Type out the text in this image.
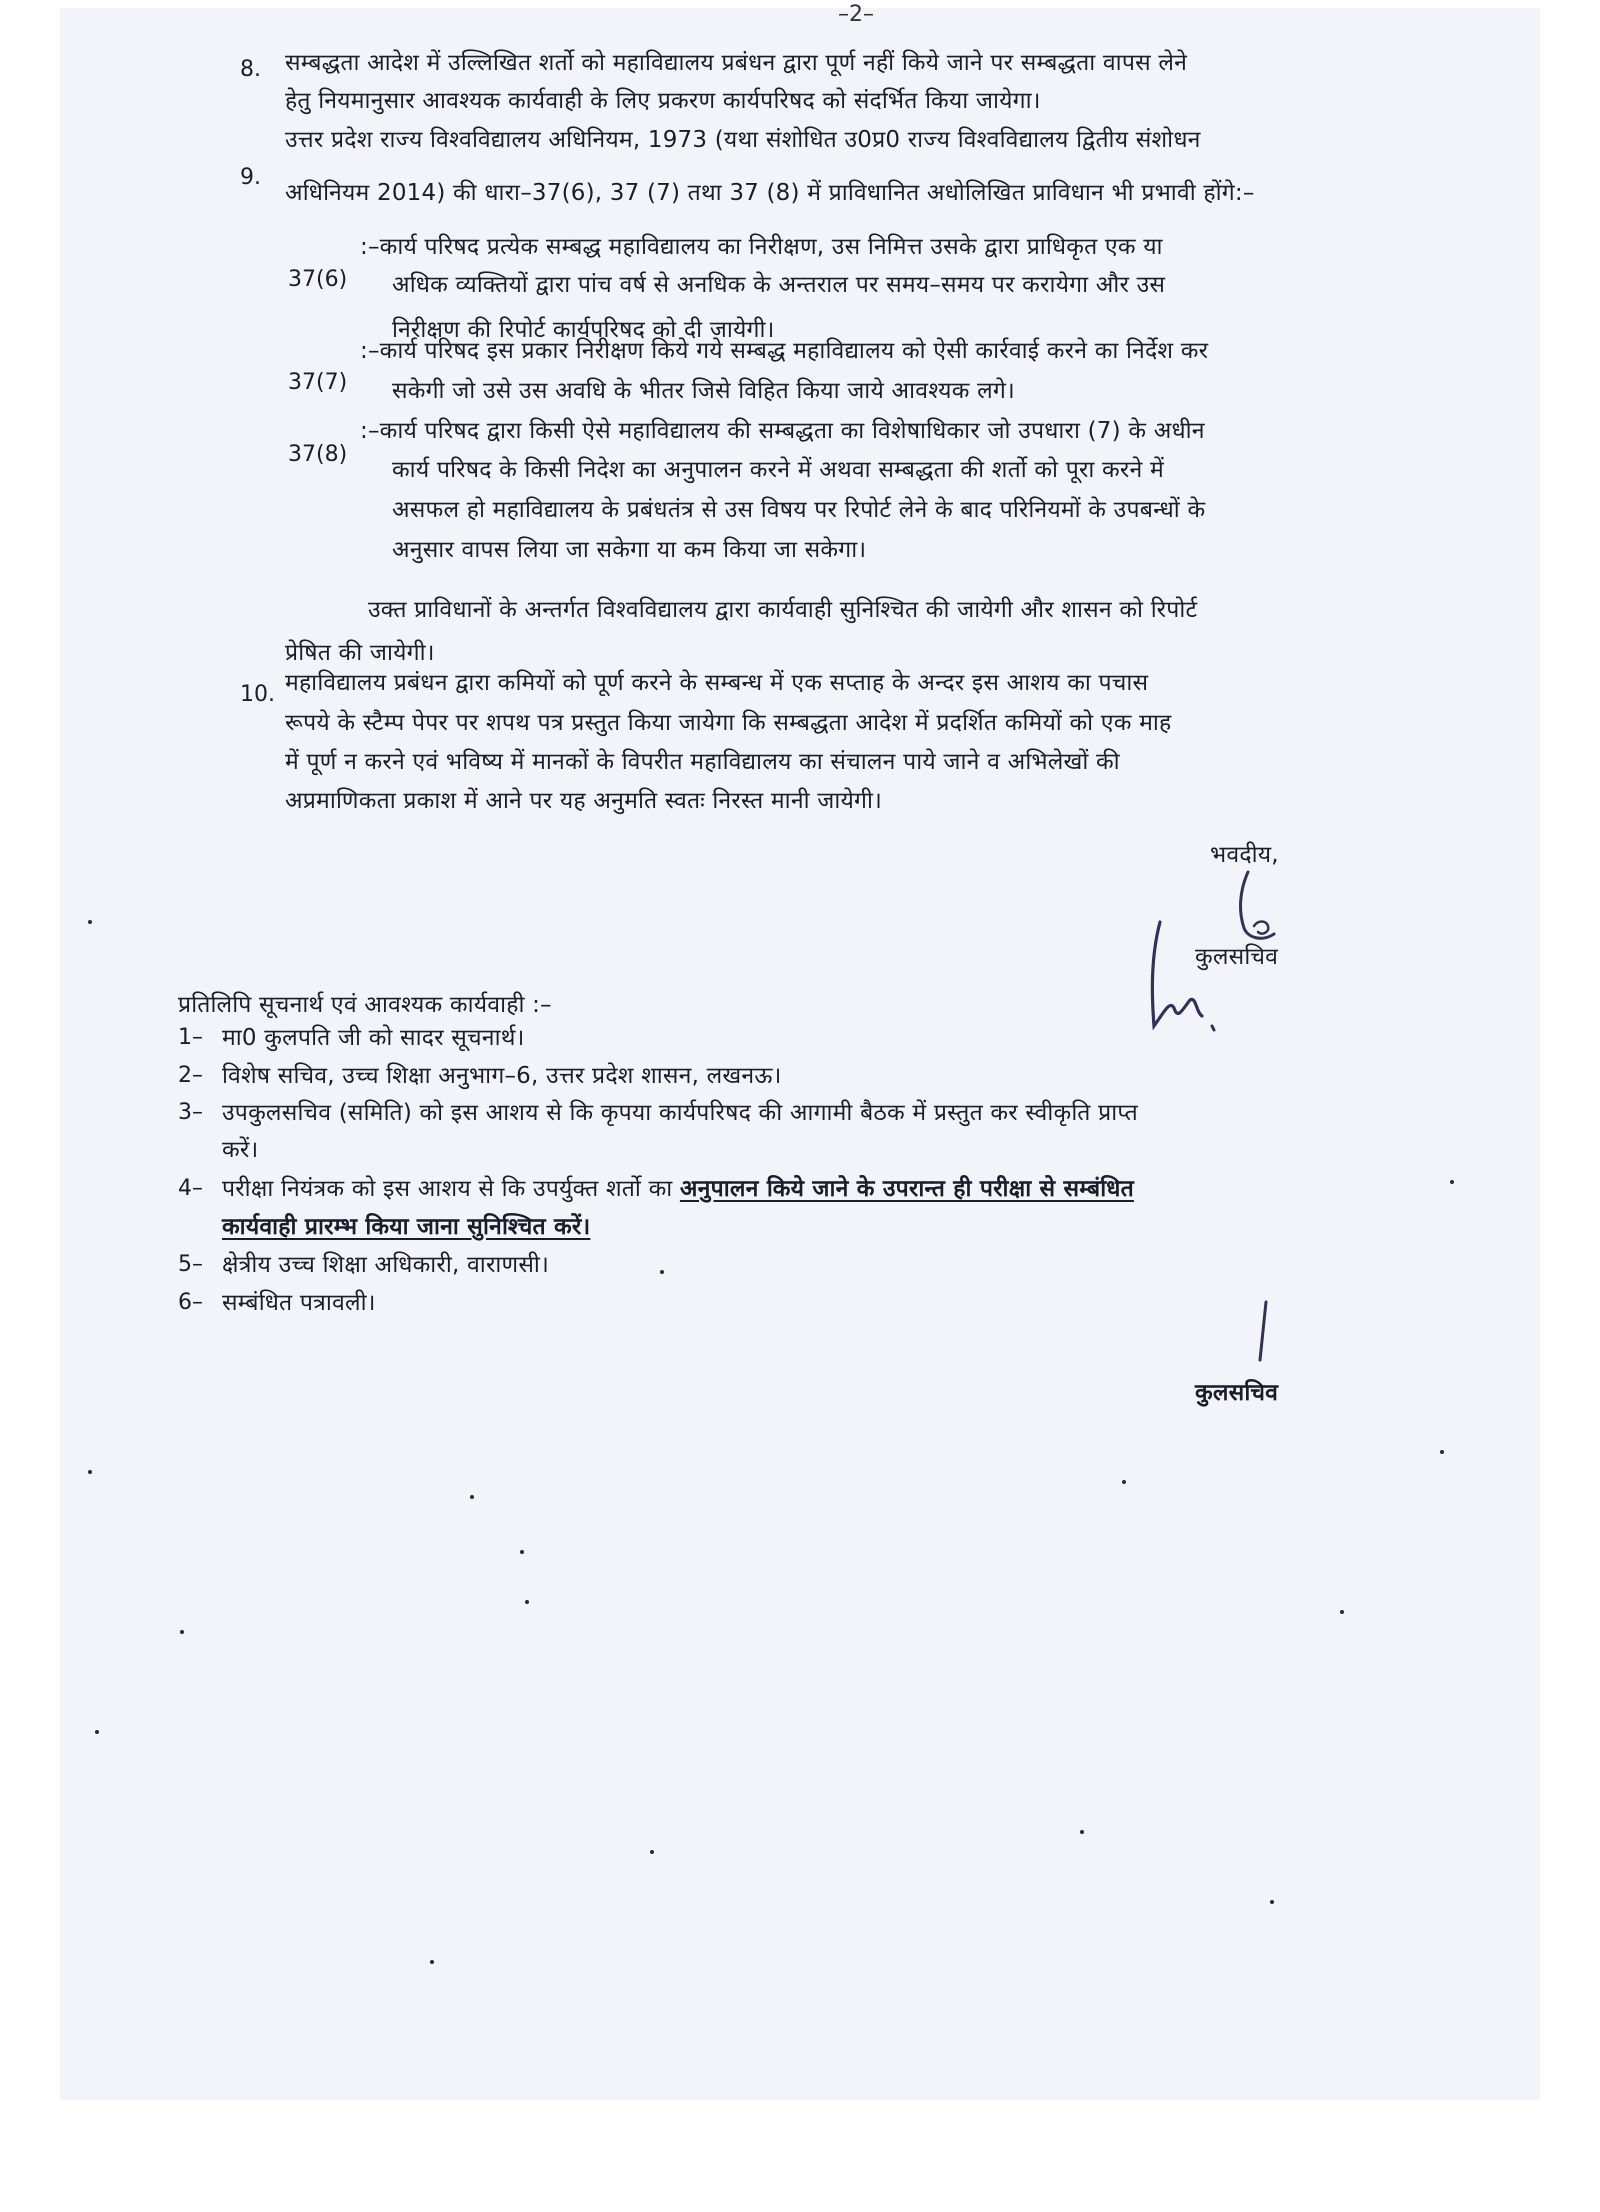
–2–
8. सम्बद्धता आदेश में उल्लिखित शर्तो को महाविद्यालय प्रबंधन द्वारा पूर्ण नहीं किये जाने पर सम्बद्धता वापस लेने
हेतु नियमानुसार आवश्यक कार्यवाही के लिए प्रकरण कार्यपरिषद को संदर्भित किया जायेगा।
9.
उत्तर प्रदेश राज्य विश्वविद्यालय अधिनियम, 1973 (यथा संशोधित उ0प्र0 राज्य विश्वविद्यालय द्वितीय संशोधन
अधिनियम 2014) की धारा–37(6), 37 (7) तथा 37 (8) में प्राविधानित अधोलिखित प्राविधान भी प्रभावी होंगे:–
37(6)
:–कार्य परिषद प्रत्येक सम्बद्ध महाविद्यालय का निरीक्षण, उस निमित्त उसके द्वारा प्राधिकृत एक या
अधिक व्यक्तियों द्वारा पांच वर्ष से अनधिक के अन्तराल पर समय–समय पर करायेगा और उस
निरीक्षण की रिपोर्ट कार्यपरिषद को दी जायेगी।
37(7)
:–कार्य परिषद इस प्रकार निरीक्षण किये गये सम्बद्ध महाविद्यालय को ऐसी कार्रवाई करने का निर्देश कर
सकेगी जो उसे उस अवधि के भीतर जिसे विहित किया जाये आवश्यक लगे।
37(8)
:–कार्य परिषद द्वारा किसी ऐसे महाविद्यालय की सम्बद्धता का विशेषाधिकार जो उपधारा (7) के अधीन
कार्य परिषद के किसी निदेश का अनुपालन करने में अथवा सम्बद्धता की शर्तो को पूरा करने में
असफल हो महाविद्यालय के प्रबंधतंत्र से उस विषय पर रिपोर्ट लेने के बाद परिनियमों के उपबन्धों के
अनुसार वापस लिया जा सकेगा या कम किया जा सकेगा।
उक्त प्राविधानों के अन्तर्गत विश्वविद्यालय द्वारा कार्यवाही सुनिश्चित की जायेगी और शासन को रिपोर्ट
प्रेषित की जायेगी।
10. महाविद्यालय प्रबंधन द्वारा कमियों को पूर्ण करने के सम्बन्ध में एक सप्ताह के अन्दर इस आशय का पचास
रूपये के स्टैम्प पेपर पर शपथ पत्र प्रस्तुत किया जायेगा कि सम्बद्धता आदेश में प्रदर्शित कमियों को एक माह
में पूर्ण न करने एवं भविष्य में मानकों के विपरीत महाविद्यालय का संचालन पाये जाने व अभिलेखों की
अप्रमाणिकता प्रकाश में आने पर यह अनुमति स्वतः निरस्त मानी जायेगी।
भवदीय,
कुलसचिव
प्रतिलिपि सूचनार्थ एवं आवश्यक कार्यवाही :–
1– मा0 कुलपति जी को सादर सूचनार्थ।
2– विशेष सचिव, उच्च शिक्षा अनुभाग–6, उत्तर प्रदेश शासन, लखनऊ।
3– उपकुलसचिव (समिति) को इस आशय से कि कृपया कार्यपरिषद की आगामी बैठक में प्रस्तुत कर स्वीकृति प्राप्त
करें।
4– परीक्षा नियंत्रक को इस आशय से कि उपर्युक्त शर्तो का अनुपालन किये जाने के उपरान्त ही परीक्षा से सम्बंधित
कार्यवाही प्रारम्भ किया जाना सुनिश्चित करें।
5– क्षेत्रीय उच्च शिक्षा अधिकारी, वाराणसी।
6– सम्बंधित पत्रावली।
कुलसचिव
